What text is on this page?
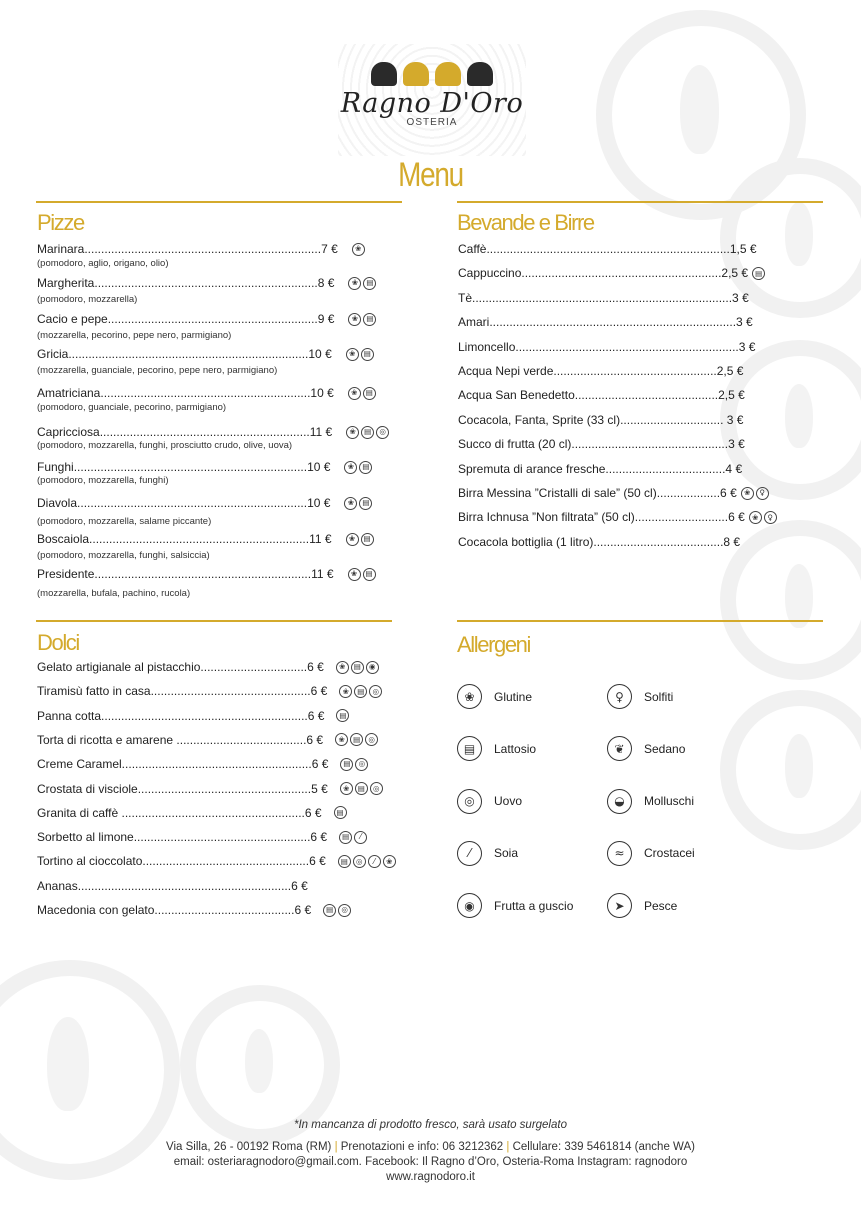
Ragno D'Oro
OSTERIA
Menu
Pizze	Bevande e Birre
Dolci	Allergeni
Marinara.......................................................................7 €	❀
(pomodoro, aglio, origano, olio)
Margherita...................................................................8 €	❀	▤
(pomodoro, mozzarella)
Cacio e pepe...............................................................9 €	❀	▤
(mozzarella, pecorino, pepe nero, parmigiano)
Gricia........................................................................10 €	❀	▤
(mozzarella, guanciale, pecorino, pepe nero, parmigiano)
Amatriciana...............................................................10 €	❀	▤
(pomodoro, guanciale, pecorino, parmigiano)
Capricciosa...............................................................11 €	❀	▤	◎
(pomodoro, mozzarella, funghi, prosciutto crudo, olive, uova)
Funghi......................................................................10 €	❀	▤
(pomodoro, mozzarella, funghi)
Diavola.....................................................................10 €	❀	▤
(pomodoro, mozzarella, salame piccante)
Boscaiola..................................................................11 €	❀	▤
(pomodoro, mozzarella, funghi, salsiccia)
Presidente.................................................................11 €	❀	▤
(mozzarella, bufala, pachino, rucola)
Caffè.........................................................................1,5 €
Cappuccino............................................................2,5 € ▤
Tè..............................................................................3 €
Amari..........................................................................3 €
Limoncello...................................................................3 €
Acqua Nepi verde.................................................2,5 €
Acqua San Benedetto...........................................2,5 €
Cocacola, Fanta, Sprite (33 cl)............................... 3 €
Succo di frutta (20 cl)...............................................3 €
Spremuta di arance fresche....................................4 €
Birra Messina ”Cristalli di sale” (50 cl)...................6 € ❀	♀
Birra Ichnusa ”Non filtrata” (50 cl)............................6 € ❀	♀
Cocacola bottiglia (1 litro).......................................8 €
Gelato artigianale al pistacchio................................6 €	❀	▤	◉
Tiramisù fatto in casa................................................6 €	❀	▤	◎
Panna cotta..............................................................6 €	▤
Torta di ricotta e amarene .......................................6 €	❀	▤	◎
Creme Caramel.........................................................6 €	▤	◎
Crostata di visciole....................................................5 €	❀	▤	◎
Granita di caffè .......................................................6 €	▤
Sorbetto al limone.....................................................6 €	▤	⁄
Tortino al cioccolato..................................................6 €	▤	◎	⁄	❀
Ananas................................................................6 €
Macedonia con gelato..........................................6 €	▤	◎
❀	Glutine	♀	Solfiti
▤	Lattosio	❦	Sedano
◎	Uovo	◒	Molluschi
⁄	Soia	≈	Crostacei
◉	Frutta a guscio	➤	Pesce
*In mancanza di prodotto fresco, sarà usato surgelato
Via Silla, 26 - 00192 Roma (RM) | Prenotazioni e info: 06 3212362 | Cellulare: 339 5461814 (anche WA)
email: osteriaragnodoro@gmail.com. Facebook: Il Ragno d’Oro, Osteria-Roma Instagram: ragnodoro
www.ragnodoro.it
